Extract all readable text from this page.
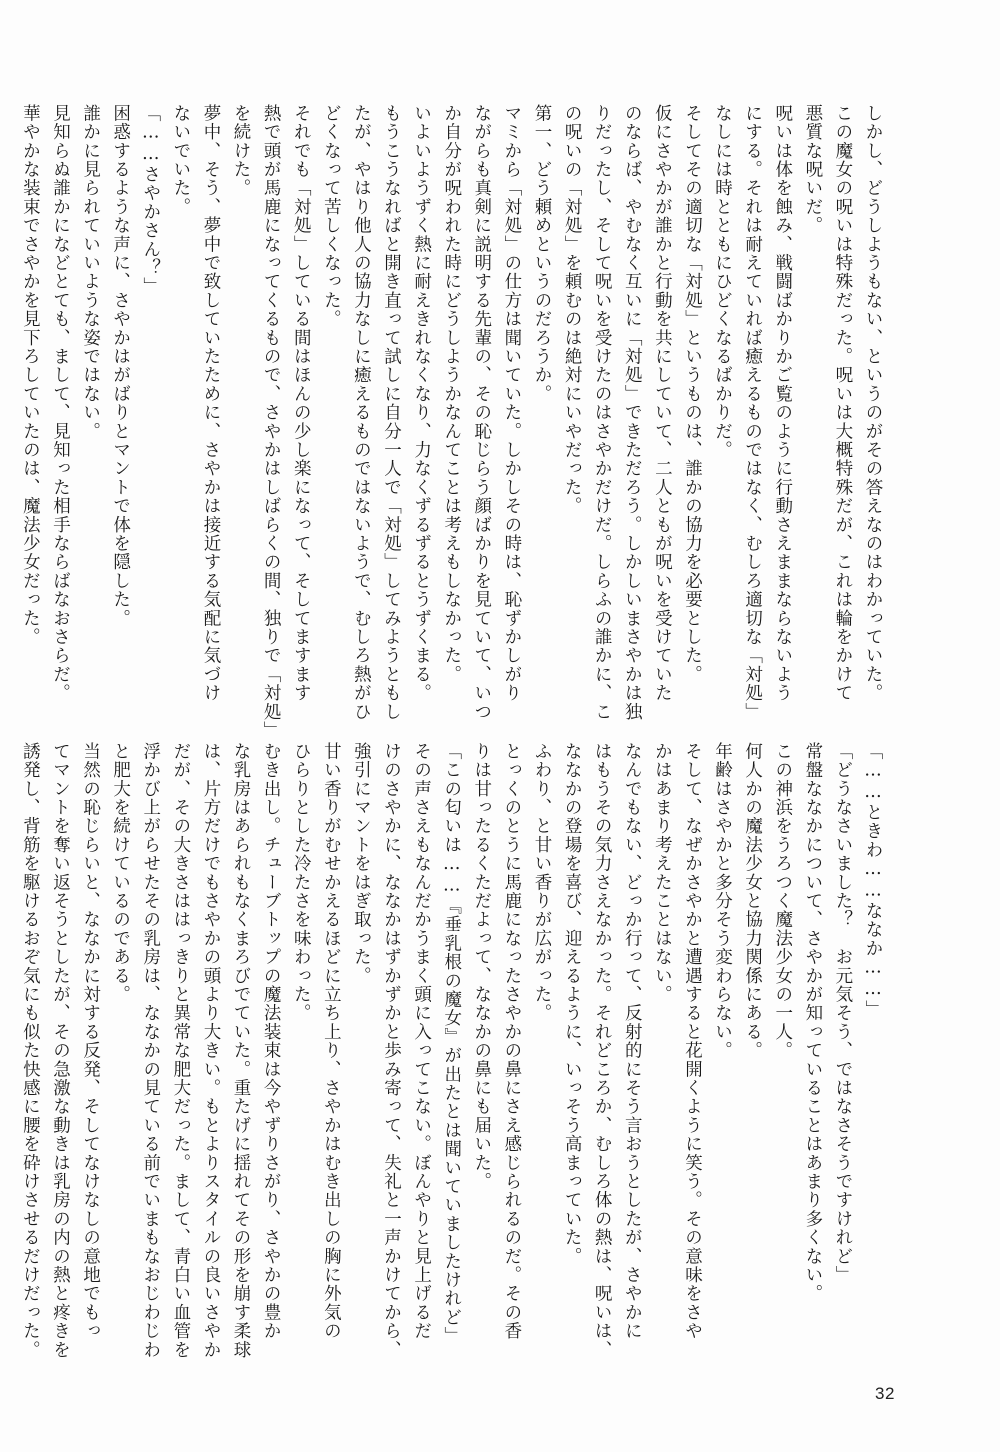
しかし、どうしようもない、というのがその答えなのはわかっていた。
この魔女の呪いは特殊だった。呪いは大概特殊だが、これは輪をかけて
悪質な呪いだ。
呪いは体を蝕み、戦闘ばかりかご覧のように行動さえままならないよう
にする。それは耐えていれば癒えるものではなく、むしろ適切な「対処」
なしには時とともにひどくなるばかりだ。
そしてその適切な「対処」というものは、誰かの協力を必要とした。
仮にさやかが誰かと行動を共にしていて、二人ともが呪いを受けていた
のならば、やむなく互いに「対処」できただろう。しかしいまさやかは独
りだったし、そして呪いを受けたのはさやかだけだ。しらふの誰かに、こ
の呪いの「対処」を頼むのは絶対にいやだった。
第一、どう頼めというのだろうか。
マミから「対処」の仕方は聞いていた。しかしその時は、恥ずかしがり
ながらも真剣に説明する先輩の、その恥じらう顔ばかりを見ていて、いつ
か自分が呪われた時にどうしようかなんてことは考えもしなかった。
いよいようずく熱に耐えきれなくなり、力なくずるずるとうずくまる。
もうこうなればと開き直って試しに自分一人で「対処」してみようともし
たが、やはり他人の協力なしに癒えるものではないようで、むしろ熱がひ
どくなって苦しくなった。
それでも「対処」している間はほんの少し楽になって、そしてますます
熱で頭が馬鹿になってくるもので、さやかはしばらくの間、独りで「対処」
を続けた。
夢中、そう、夢中で致していたために、さやかは接近する気配に気づけ
ないでいた。
「……さやかさん？」
困惑するような声に、さやかはがばりとマントで体を隠した。
誰かに見られていいような姿ではない。
見知らぬ誰かになどとても、まして、見知った相手ならばなおさらだ。
華やかな装束でさやかを見下ろしていたのは、魔法少女だった。
「……ときわ……ななか……」
「どうなさいました？　お元気そう、ではなさそうですけれど」
常盤ななかについて、さやかが知っていることはあまり多くない。
この神浜をうろつく魔法少女の一人。
何人かの魔法少女と協力関係にある。
年齢はさやかと多分そう変わらない。
そして、なぜかさやかと遭遇すると花開くように笑う。その意味をさや
かはあまり考えたことはない。
なんでもない、どっか行って、反射的にそう言おうとしたが、さやかに
はもうその気力さえなかった。それどころか、むしろ体の熱は、呪いは、
ななかの登場を喜び、迎えるように、いっそう高まっていた。
ふわり、と甘い香りが広がった。
とっくのとうに馬鹿になったさやかの鼻にさえ感じられるのだ。その香
りは甘ったるくただよって、ななかの鼻にも届いた。
「この匂いは……『垂乳根の魔女』が出たとは聞いていましたけれど」
その声さえもなんだかうまく頭に入ってこない。ぼんやりと見上げるだ
けのさやかに、ななかはずかずかと歩み寄って、失礼と一声かけてから、
強引にマントをはぎ取った。
甘い香りがむせかえるほどに立ち上り、さやかはむき出しの胸に外気の
ひらりとした冷たさを味わった。
むき出し。チューブトップの魔法装束は今やずりさがり、さやかの豊か
な乳房はあられもなくまろびでていた。重たげに揺れてその形を崩す柔球
は、片方だけでもさやかの頭より大きい。もとよりスタイルの良いさやか
だが、その大きさははっきりと異常な肥大だった。まして、青白い血管を
浮かび上がらせたその乳房は、ななかの見ている前でいまもなおじわじわ
と肥大を続けているのである。
当然の恥じらいと、ななかに対する反発、そしてなけなしの意地でもっ
てマントを奪い返そうとしたが、その急激な動きは乳房の内の熱と疼きを
誘発し、背筋を駆けるおぞ気にも似た快感に腰を砕けさせるだけだった。
32
